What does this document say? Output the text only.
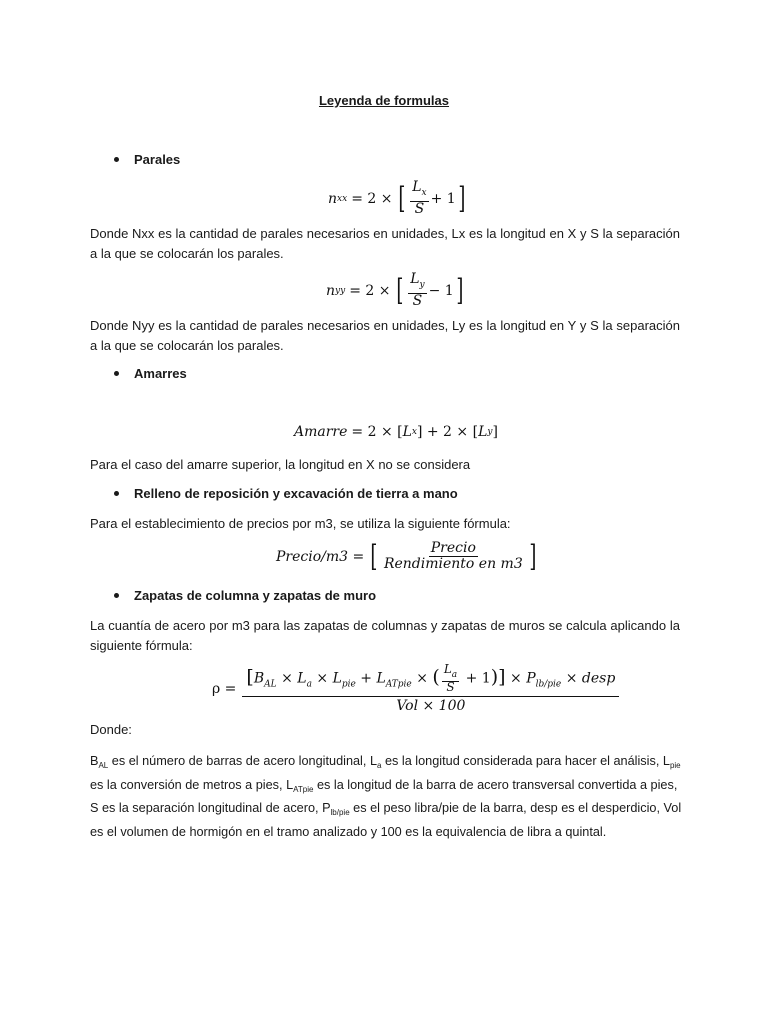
Leyenda de formulas
Parales
n xx = 2 × [ $\frac{L_x}{S} + 1$ ]
Donde Nxx es la cantidad de parales necesarios en unidades, Lx es la longitud en X y S la separación a la que se colocarán los parales.
n yy = 2 × [ $\frac{L_y}{S} - 1$ ]
Donde Nyy es la cantidad de parales necesarios en unidades, Ly es la longitud en Y y S la separación a la que se colocarán los parales.
Amarres
Amarre = 2 × [ L x ] + 2 × [ L y ]
Para el caso del amarre superior, la longitud en X no se considera
Relleno de reposición y excavación de tierra a mano
Para el establecimiento de precios por m3, se utiliza la siguiente fórmula:
Precio/m3 = [ $\frac{\text{Precio}}{\text{Rendimiento en m3}}$ ]
Zapatas de columna y zapatas de muro
La cuantía de acero por m3 para las zapatas de columnas y zapatas de muros se calcula aplicando la siguiente fórmula:
$\rho = \frac{[B_{AL} \times L_a \times L_{pie} + L_{ATpie} \times ( \frac{L_a}{S} + 1)] \times P_{lb/pie} \times desp}{\text{Vol × 100}}$
Donde:
$B_{AL}$ es el número de barras de acero longitudinal, $L_a$ es la longitud considerada para hacer el análisis, $L_{pie}$ es la conversión de metros a pies, $L_{ATpie}$ es la longitud de la barra de acero transversal convertida a pies, S es la separación longitudinal de acero, $P_{lb/pie}$ es el peso libra/pie de la barra, desp es el desperdicio, Vol es el volumen de hormigón en el tramo analizado y 100 es la equivalencia de libra a quintal.
